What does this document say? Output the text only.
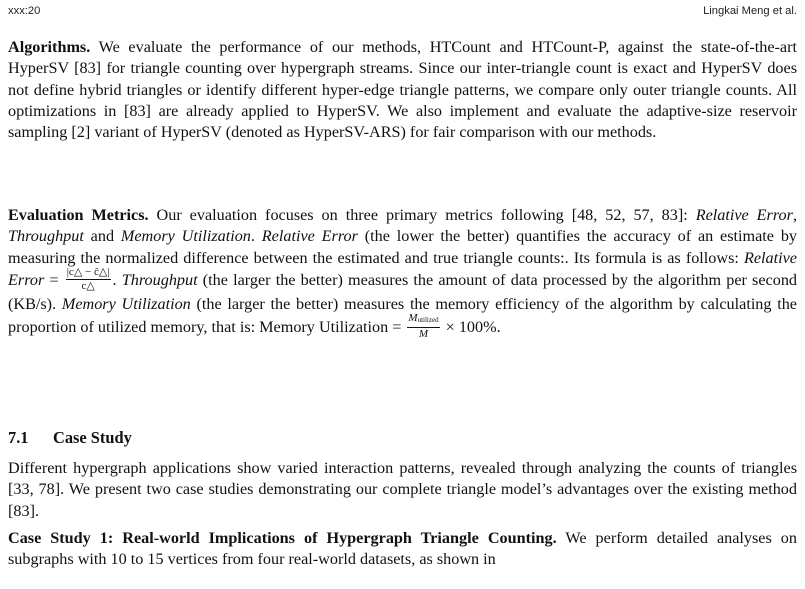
xxx:20	Lingkai Meng et al.

Algorithms. We evaluate the performance of our methods, HTCount and HTCount-P, against the state-of-the-art HyperSV [83] for triangle counting over hypergraph streams. Since our inter-triangle count is exact and HyperSV does not define hybrid triangles or identify different hyper-edge triangle patterns, we compare only outer triangle counts. All optimizations in [83] are already applied to HyperSV. We also implement and evaluate the adaptive-size reservoir sampling [2] variant of HyperSV (denoted as HyperSV-ARS) for fair comparison with our methods.

Evaluation Metrics. Our evaluation focuses on three primary metrics following [48, 52, 57, 83]: Relative Error, Throughput and Memory Utilization. Relative Error (the lower the better) quantifies the accuracy of an estimate by measuring the normalized difference between the estimated and true triangle counts:. Its formula is as follows: Relative Error = $\frac{|c\triangle - ĉ\triangle|}{c\triangle}$ . Throughput (the larger the better) measures the amount of data processed by the algorithm per second (KB/s). Memory Utilization (the larger the better) measures the memory efficiency of the algorithm by calculating the proportion of utilized memory, that is: Memory Utilization = $\frac{M_{utilized}}{M} \times 100\%$.

7.1 Case Study

Different hypergraph applications show varied interaction patterns, revealed through analyzing the counts of triangles [33, 78]. We present two case studies demonstrating our complete triangle model’s advantages over the existing method [83].

Case Study 1: Real-world Implications of Hypergraph Triangle Counting. We perform detailed analyses on subgraphs with 10 to 15 vertices from four real-world datasets, as shown in
